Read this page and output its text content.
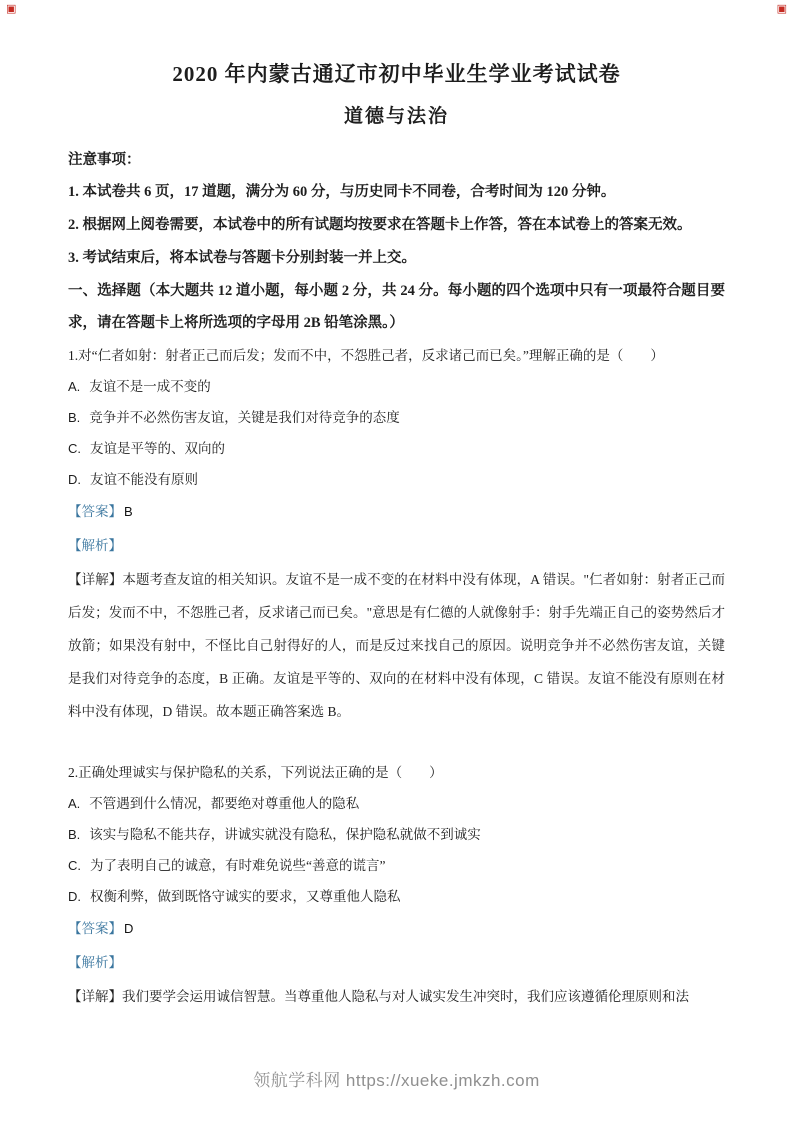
▣	▣
2020 年内蒙古通辽市初中毕业生学业考试试卷
道德与法治
注意事项：
1. 本试卷共 6 页，17 道题，满分为 60 分，与历史同卡不同卷，合考时间为 120 分钟。
2. 根据网上阅卷需要，本试卷中的所有试题均按要求在答题卡上作答，答在本试卷上的答案无效。
3. 考试结束后，将本试卷与答题卡分别封装一并上交。
一、选择题（本大题共 12 道小题，每小题 2 分，共 24 分。每小题的四个选项中只有一项最符合题目要求，请在答题卡上将所选项的字母用 2B 铅笔涂黑。）
1.对“仁者如射：射者正己而后发；发而不中，不怨胜己者，反求诸己而已矣。”理解正确的是（　　）
A. 友谊不是一成不变的
B. 竞争并不必然伤害友谊，关键是我们对待竞争的态度
C. 友谊是平等的、双向的
D. 友谊不能没有原则
【答案】 B
【解析】
【详解】本题考查友谊的相关知识。友谊不是一成不变的在材料中没有体现，A 错误。"仁者如射：射者正己而后发；发而不中，不怨胜己者，反求诸己而已矣。"意思是有仁德的人就像射手：射手先端正自己的姿势然后才放箭；如果没有射中，不怪比自己射得好的人，而是反过来找自己的原因。说明竞争并不必然伤害友谊，关键是我们对待竞争的态度，B 正确。友谊是平等的、双向的在材料中没有体现，C 错误。友谊不能没有原则在材料中没有体现，D 错误。故本题正确答案选 B。
2.正确处理诚实与保护隐私的关系，下列说法正确的是（　　）
A. 不管遇到什么情况，都要绝对尊重他人的隐私
B. 该实与隐私不能共存，讲诚实就没有隐私，保护隐私就做不到诚实
C. 为了表明自己的诚意，有时难免说些“善意的谎言”
D. 权衡利弊，做到既恪守诚实的要求，又尊重他人隐私
【答案】 D
【解析】
【详解】我们要学会运用诚信智慧。当尊重他人隐私与对人诚实发生冲突时，我们应该遵循伦理原则和法
领航学科网 https://xueke.jmkzh.com
